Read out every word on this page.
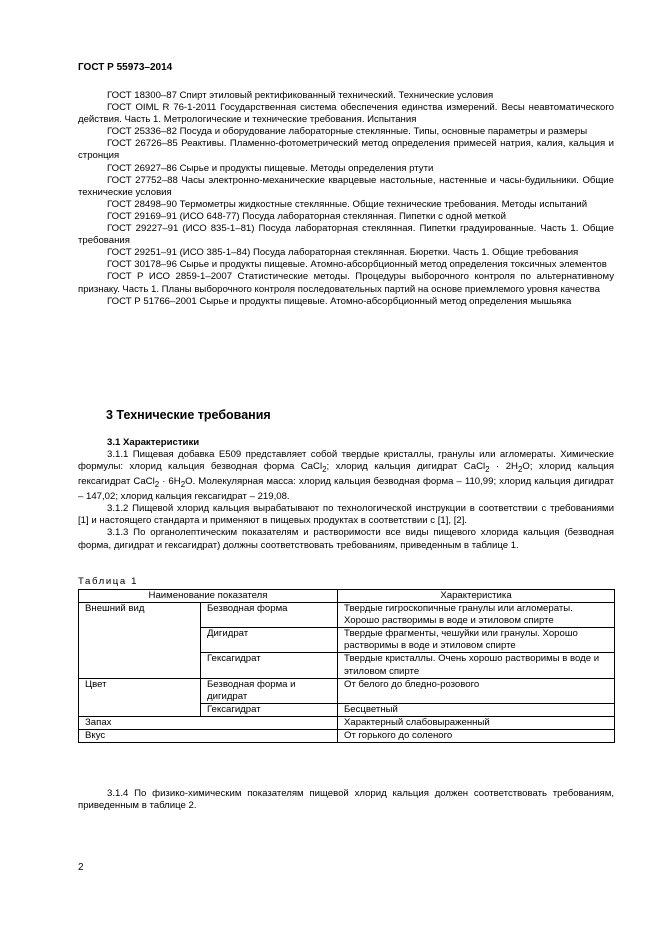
ГОСТ Р 55973–2014

ГОСТ 18300–87 Спирт этиловый ректификованный технический. Технические условия

ГОСТ OIML R 76-1-2011 Государственная система обеспечения единства измерений. Весы неавтоматического действия. Часть 1. Метрологические и технические требования. Испытания

ГОСТ 25336–82 Посуда и оборудование лабораторные стеклянные. Типы, основные параметры и размеры

ГОСТ 26726–85 Реактивы. Пламенно-фотометрический метод определения примесей натрия, калия, кальция и стронция

ГОСТ 26927–86 Сырье и продукты пищевые. Методы определения ртути

ГОСТ 27752–88 Часы электронно-механические кварцевые настольные, настенные и часы-будильники. Общие технические условия

ГОСТ 28498–90 Термометры жидкостные стеклянные. Общие технические требования. Методы испытаний

ГОСТ 29169–91 (ИСО 648-77) Посуда лабораторная стеклянная. Пипетки с одной меткой

ГОСТ 29227–91 (ИСО 835-1–81) Посуда лабораторная стеклянная. Пипетки градуированные. Часть 1. Общие требования

ГОСТ 29251–91 (ИСО 385-1–84) Посуда лабораторная стеклянная. Бюретки. Часть 1. Общие требования

ГОСТ 30178–96 Сырье и продукты пищевые. Атомно-абсорбционный метод определения токсичных элементов

ГОСТ Р ИСО 2859-1–2007 Статистические методы. Процедуры выборочного контроля по альтернативному признаку. Часть 1. Планы выборочного контроля последовательных партий на основе приемлемого уровня качества

ГОСТ Р 51766–2001 Сырье и продукты пищевые. Атомно-абсорбционный метод определения мышьяка

3 Технические требования

3.1 Характеристики

3.1.1 Пищевая добавка Е509 представляет собой твердые кристаллы, гранулы или агломераты. Химические формулы: хлорид кальция безводная форма CaCl$_2$; хлорид кальция дигидрат CaCl$_2$ · $2H_2O$; хлорид кальция гексагидрат CaCl$_2$ · $6H_2O$. Молекулярная масса: хлорид кальция безводная форма – 110,99; хлорид кальция дигидрат – 147,02; хлорид кальция гексагидрат – 219,08.

3.1.2 Пищевой хлорид кальция вырабатывают по технологической инструкции в соответствии с требованиями [1] и настоящего стандарта и применяют в пищевых продуктах в соответствии с [1], [2].

3.1.3 По органолептическим показателям и растворимости все виды пищевого хлорида кальция (безводная форма, дигидрат и гексагидрат) должны соответствовать требованиям, приведенным в таблице 1.

Таблица 1
Наименование показателя		Характеристика
Внешний вид	Безводная форма	Твердые гигроскопичные гранулы или агломераты. Хорошо растворимы в воде и этиловом спирте
	Дигидрат	Твердые фрагменты, чешуйки или гранулы. Хорошо растворимы в воде и этиловом спирте
	Гексагидрат	Твердые кристаллы. Очень хорошо растворимы в воде и этиловом спирте
Цвет	Безводная форма и дигидрат	От белого до бледно-розового
	Гексагидрат	Бесцветный
Запах		Характерный слабовыраженный
Вкус		От горького до соленого

3.1.4 По физико-химическим показателям пищевой хлорид кальция должен соответствовать требованиям, приведенным в таблице 2.

2
